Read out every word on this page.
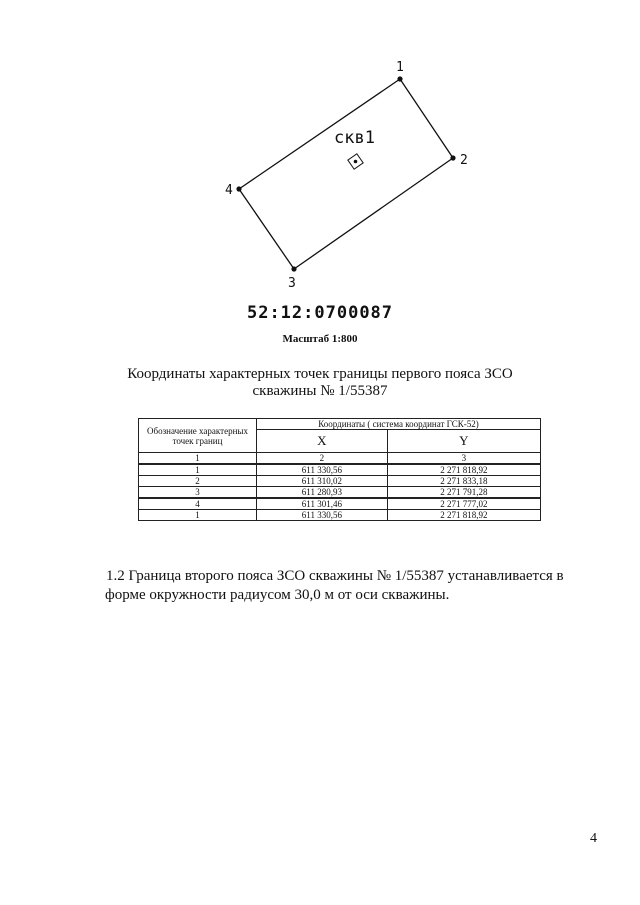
1
2
3
4
скв1
52:12:0700087
Масштаб 1:800
Координаты характерных точек границы первого пояса ЗСО
скважины № 1/55387
Обозначение характерных точек границ	Координаты ( система координат ГСК-52)	
	X	Y
1	2	3
1	611 330,56	2 271 818,92
2	611 310,02	2 271 833,18
3	611 280,93	2 271 791,28
4	611 301,46	2 271 777,02
1	611 330,56	2 271 818,92
1.2 Граница второго пояса ЗСО скважины № 1/55387 устанавливается в
форме окружности радиусом 30,0 м от оси скважины.
4
